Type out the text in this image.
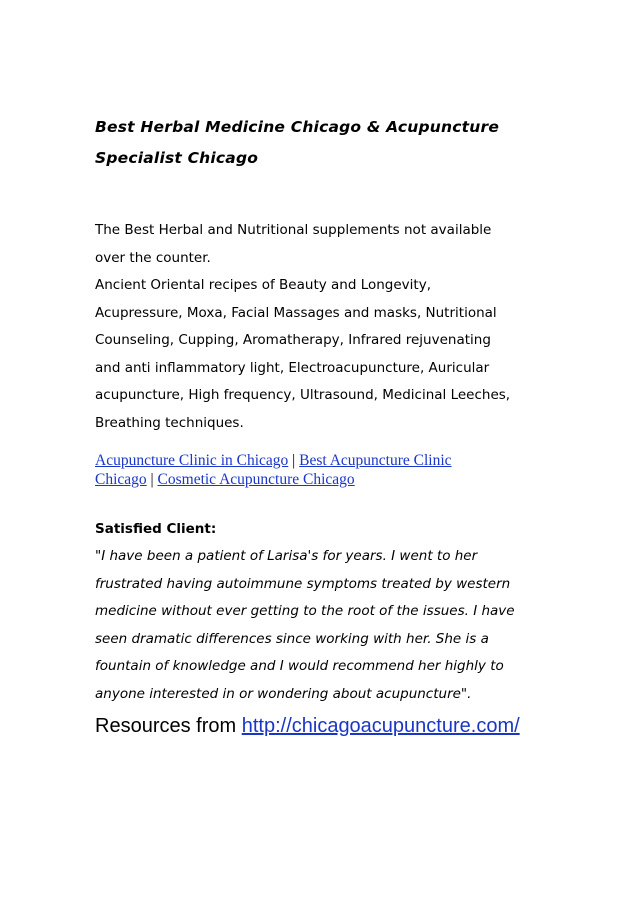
Best Herbal Medicine Chicago & Acupuncture
Specialist Chicago

The Best Herbal and Nutritional supplements not available

over the counter.

Ancient Oriental recipes of Beauty and Longevity,

Acupressure, Moxa, Facial Massages and masks, Nutritional

Counseling, Cupping, Aromatherapy, Infrared rejuvenating

and anti inflammatory light, Electroacupuncture, Auricular

acupuncture, High frequency, Ultrasound, Medicinal Leeches,

Breathing techniques.

Acupuncture Clinic in Chicago | Best Acupuncture Clinic
Chicago | Cosmetic Acupuncture Chicago
Satisfied Client:
"I have been a patient of Larisa's for years. I went to her
frustrated having autoimmune symptoms treated by western
medicine without ever getting to the root of the issues. I have
seen dramatic differences since working with her. She is a
fountain of knowledge and I would recommend her highly to
anyone interested in or wondering about acupuncture".
Resources from http://chicagoacupuncture.com/
